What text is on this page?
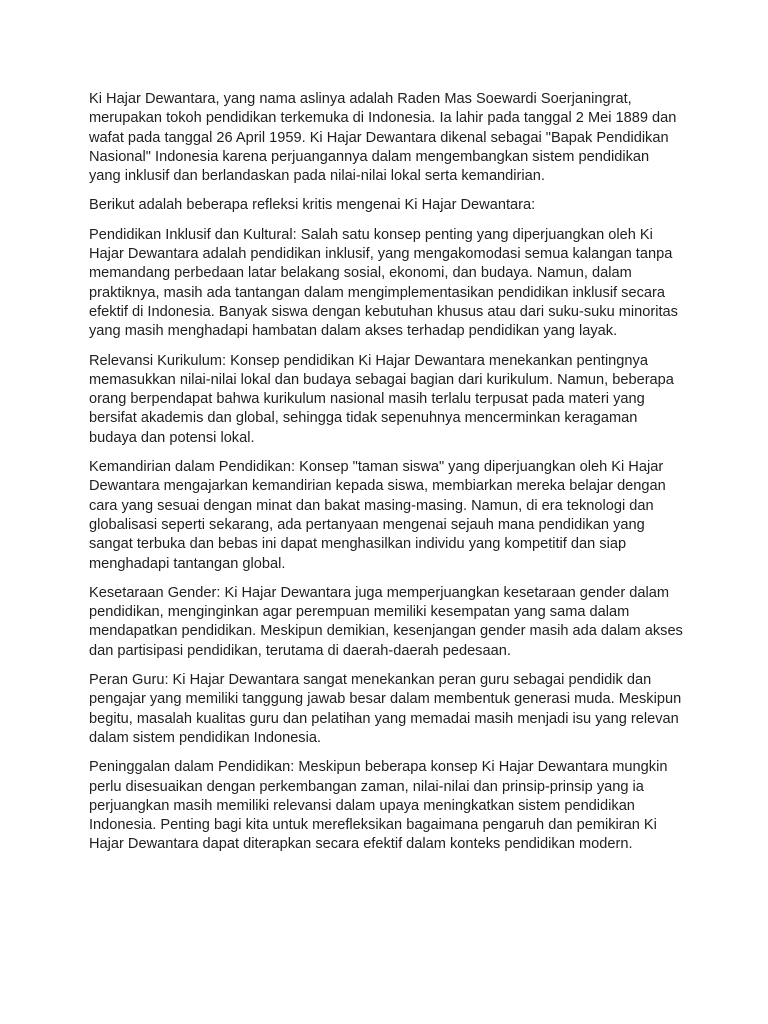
Ki Hajar Dewantara, yang nama aslinya adalah Raden Mas Soewardi Soerjaningrat, merupakan tokoh pendidikan terkemuka di Indonesia. Ia lahir pada tanggal 2 Mei 1889 dan wafat pada tanggal 26 April 1959. Ki Hajar Dewantara dikenal sebagai "Bapak Pendidikan Nasional" Indonesia karena perjuangannya dalam mengembangkan sistem pendidikan yang inklusif dan berlandaskan pada nilai-nilai lokal serta kemandirian.

Berikut adalah beberapa refleksi kritis mengenai Ki Hajar Dewantara:

Pendidikan Inklusif dan Kultural: Salah satu konsep penting yang diperjuangkan oleh Ki Hajar Dewantara adalah pendidikan inklusif, yang mengakomodasi semua kalangan tanpa memandang perbedaan latar belakang sosial, ekonomi, dan budaya. Namun, dalam praktiknya, masih ada tantangan dalam mengimplementasikan pendidikan inklusif secara efektif di Indonesia. Banyak siswa dengan kebutuhan khusus atau dari suku-suku minoritas yang masih menghadapi hambatan dalam akses terhadap pendidikan yang layak.

Relevansi Kurikulum: Konsep pendidikan Ki Hajar Dewantara menekankan pentingnya memasukkan nilai-nilai lokal dan budaya sebagai bagian dari kurikulum. Namun, beberapa orang berpendapat bahwa kurikulum nasional masih terlalu terpusat pada materi yang bersifat akademis dan global, sehingga tidak sepenuhnya mencerminkan keragaman budaya dan potensi lokal.

Kemandirian dalam Pendidikan: Konsep "taman siswa" yang diperjuangkan oleh Ki Hajar Dewantara mengajarkan kemandirian kepada siswa, membiarkan mereka belajar dengan cara yang sesuai dengan minat dan bakat masing-masing. Namun, di era teknologi dan globalisasi seperti sekarang, ada pertanyaan mengenai sejauh mana pendidikan yang sangat terbuka dan bebas ini dapat menghasilkan individu yang kompetitif dan siap menghadapi tantangan global.

Kesetaraan Gender: Ki Hajar Dewantara juga memperjuangkan kesetaraan gender dalam pendidikan, menginginkan agar perempuan memiliki kesempatan yang sama dalam mendapatkan pendidikan. Meskipun demikian, kesenjangan gender masih ada dalam akses dan partisipasi pendidikan, terutama di daerah-daerah pedesaan.

Peran Guru: Ki Hajar Dewantara sangat menekankan peran guru sebagai pendidik dan pengajar yang memiliki tanggung jawab besar dalam membentuk generasi muda. Meskipun begitu, masalah kualitas guru dan pelatihan yang memadai masih menjadi isu yang relevan dalam sistem pendidikan Indonesia.

Peninggalan dalam Pendidikan: Meskipun beberapa konsep Ki Hajar Dewantara mungkin perlu disesuaikan dengan perkembangan zaman, nilai-nilai dan prinsip-prinsip yang ia perjuangkan masih memiliki relevansi dalam upaya meningkatkan sistem pendidikan Indonesia. Penting bagi kita untuk merefleksikan bagaimana pengaruh dan pemikiran Ki Hajar Dewantara dapat diterapkan secara efektif dalam konteks pendidikan modern.
